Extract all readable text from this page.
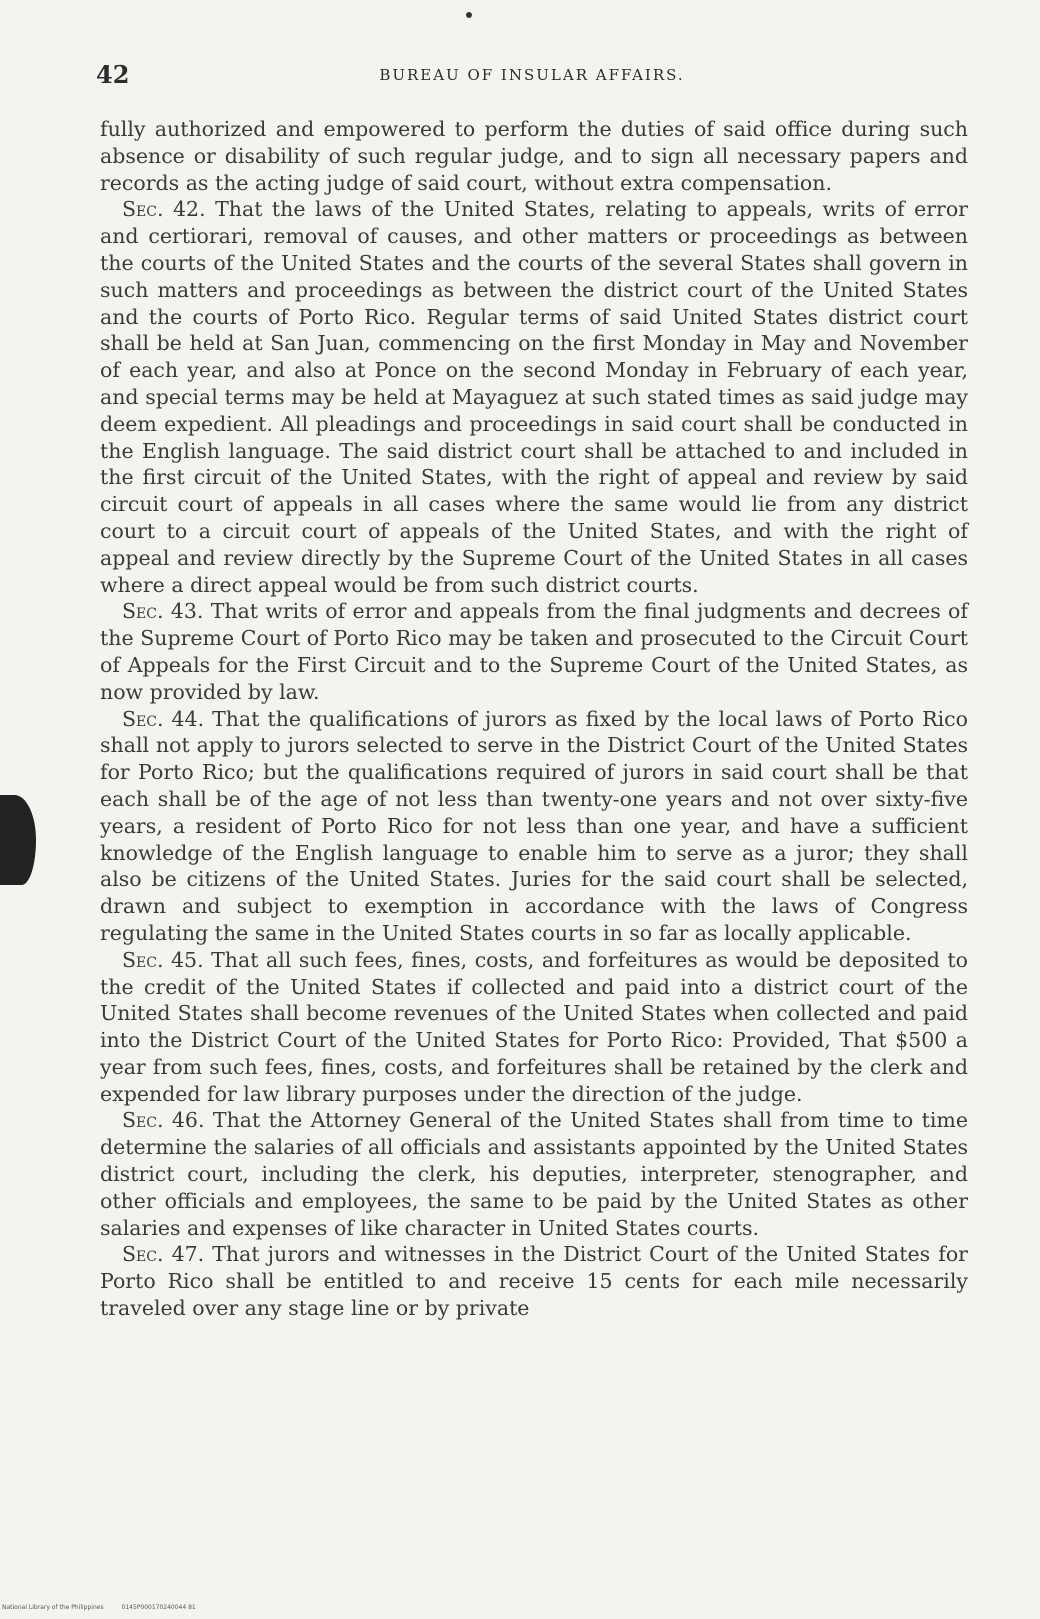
42	BUREAU OF INSULAR AFFAIRS.

fully authorized and empowered to perform the duties of said office during such absence or disability of such regular judge, and to sign all necessary papers and records as the acting judge of said court, without extra compensation.

Sec. 42. That the laws of the United States, relating to appeals, writs of error and certiorari, removal of causes, and other matters or proceedings as between the courts of the United States and the courts of the several States shall govern in such matters and proceedings as between the district court of the United States and the courts of Porto Rico. Regular terms of said United States district court shall be held at San Juan, commencing on the first Monday in May and November of each year, and also at Ponce on the second Monday in February of each year, and special terms may be held at Mayaguez at such stated times as said judge may deem expedient. All pleadings and proceedings in said court shall be conducted in the English language. The said district court shall be attached to and included in the first circuit of the United States, with the right of appeal and review by said circuit court of appeals in all cases where the same would lie from any district court to a circuit court of appeals of the United States, and with the right of appeal and review directly by the Supreme Court of the United States in all cases where a direct appeal would be from such district courts.

Sec. 43. That writs of error and appeals from the final judgments and decrees of the Supreme Court of Porto Rico may be taken and prosecuted to the Circuit Court of Appeals for the First Circuit and to the Supreme Court of the United States, as now provided by law.

Sec. 44. That the qualifications of jurors as fixed by the local laws of Porto Rico shall not apply to jurors selected to serve in the District Court of the United States for Porto Rico; but the qualifications required of jurors in said court shall be that each shall be of the age of not less than twenty-one years and not over sixty-five years, a resident of Porto Rico for not less than one year, and have a sufficient knowledge of the English language to enable him to serve as a juror; they shall also be citizens of the United States. Juries for the said court shall be selected, drawn and subject to exemption in accordance with the laws of Congress regulating the same in the United States courts in so far as locally applicable.

Sec. 45. That all such fees, fines, costs, and forfeitures as would be deposited to the credit of the United States if collected and paid into a district court of the United States shall become revenues of the United States when collected and paid into the District Court of the United States for Porto Rico: Provided, That $500 a year from such fees, fines, costs, and forfeitures shall be retained by the clerk and expended for law library purposes under the direction of the judge.

Sec. 46. That the Attorney General of the United States shall from time to time determine the salaries of all officials and assistants appointed by the United States district court, including the clerk, his deputies, interpreter, stenographer, and other officials and employees, the same to be paid by the United States as other salaries and expenses of like character in United States courts.

Sec. 47. That jurors and witnesses in the District Court of the United States for Porto Rico shall be entitled to and receive 15 cents for each mile necessarily traveled over any stage line or by private

National Library of the Philippines	0145P000170240044 81
